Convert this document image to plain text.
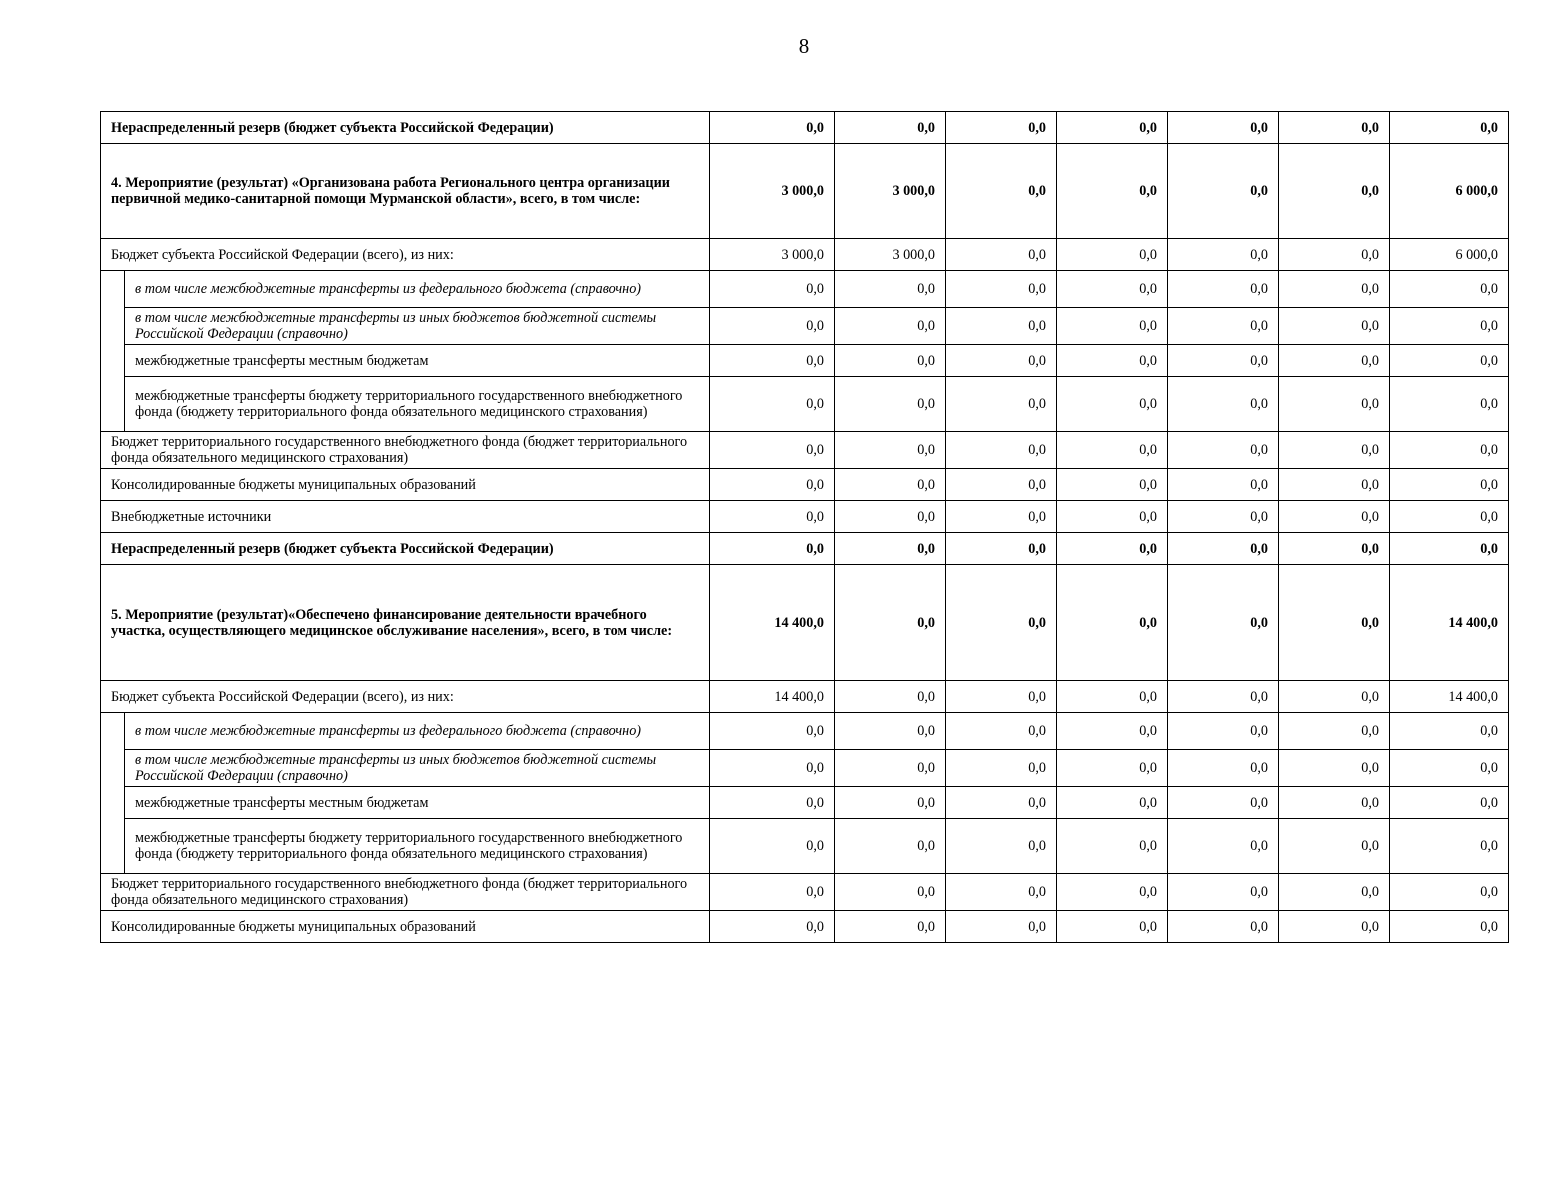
8
Нераспределенный резерв (бюджет субъекта Российской Федерации)		0,0	0,0	0,0	0,0	0,0	0,0	0,0
4. Мероприятие (результат) «Организована работа Регионального центра организации первичной медико-санитарной помощи Мурманской области», всего, в том числе:		3 000,0	3 000,0	0,0	0,0	0,0	0,0	6 000,0
Бюджет субъекта Российской Федерации (всего), из них:		3 000,0	3 000,0	0,0	0,0	0,0	0,0	6 000,0
	в том числе межбюджетные трансферты из федерального бюджета (справочно)	0,0	0,0	0,0	0,0	0,0	0,0	0,0
	в том числе межбюджетные трансферты из иных бюджетов бюджетной системы Российской Федерации (справочно)	0,0	0,0	0,0	0,0	0,0	0,0	0,0
	межбюджетные трансферты местным бюджетам	0,0	0,0	0,0	0,0	0,0	0,0	0,0
	межбюджетные трансферты бюджету территориального государственного внебюджетного фонда (бюджету территориального фонда обязательного медицинского страхования)	0,0	0,0	0,0	0,0	0,0	0,0	0,0
Бюджет территориального государственного внебюджетного фонда (бюджет территориального фонда обязательного медицинского страхования)		0,0	0,0	0,0	0,0	0,0	0,0	0,0
Консолидированные бюджеты муниципальных образований		0,0	0,0	0,0	0,0	0,0	0,0	0,0
Внебюджетные источники		0,0	0,0	0,0	0,0	0,0	0,0	0,0
Нераспределенный резерв (бюджет субъекта Российской Федерации)		0,0	0,0	0,0	0,0	0,0	0,0	0,0
5. Мероприятие (результат)«Обеспечено финансирование деятельности врачебного участка, осуществляющего медицинское обслуживание населения», всего, в том числе:		14 400,0	0,0	0,0	0,0	0,0	0,0	14 400,0
Бюджет субъекта Российской Федерации (всего), из них:		14 400,0	0,0	0,0	0,0	0,0	0,0	14 400,0
	в том числе межбюджетные трансферты из федерального бюджета (справочно)	0,0	0,0	0,0	0,0	0,0	0,0	0,0
	в том числе межбюджетные трансферты из иных бюджетов бюджетной системы Российской Федерации (справочно)	0,0	0,0	0,0	0,0	0,0	0,0	0,0
	межбюджетные трансферты местным бюджетам	0,0	0,0	0,0	0,0	0,0	0,0	0,0
	межбюджетные трансферты бюджету территориального государственного внебюджетного фонда (бюджету территориального фонда обязательного медицинского страхования)	0,0	0,0	0,0	0,0	0,0	0,0	0,0
Бюджет территориального государственного внебюджетного фонда (бюджет территориального фонда обязательного медицинского страхования)		0,0	0,0	0,0	0,0	0,0	0,0	0,0
Консолидированные бюджеты муниципальных образований		0,0	0,0	0,0	0,0	0,0	0,0	0,0
